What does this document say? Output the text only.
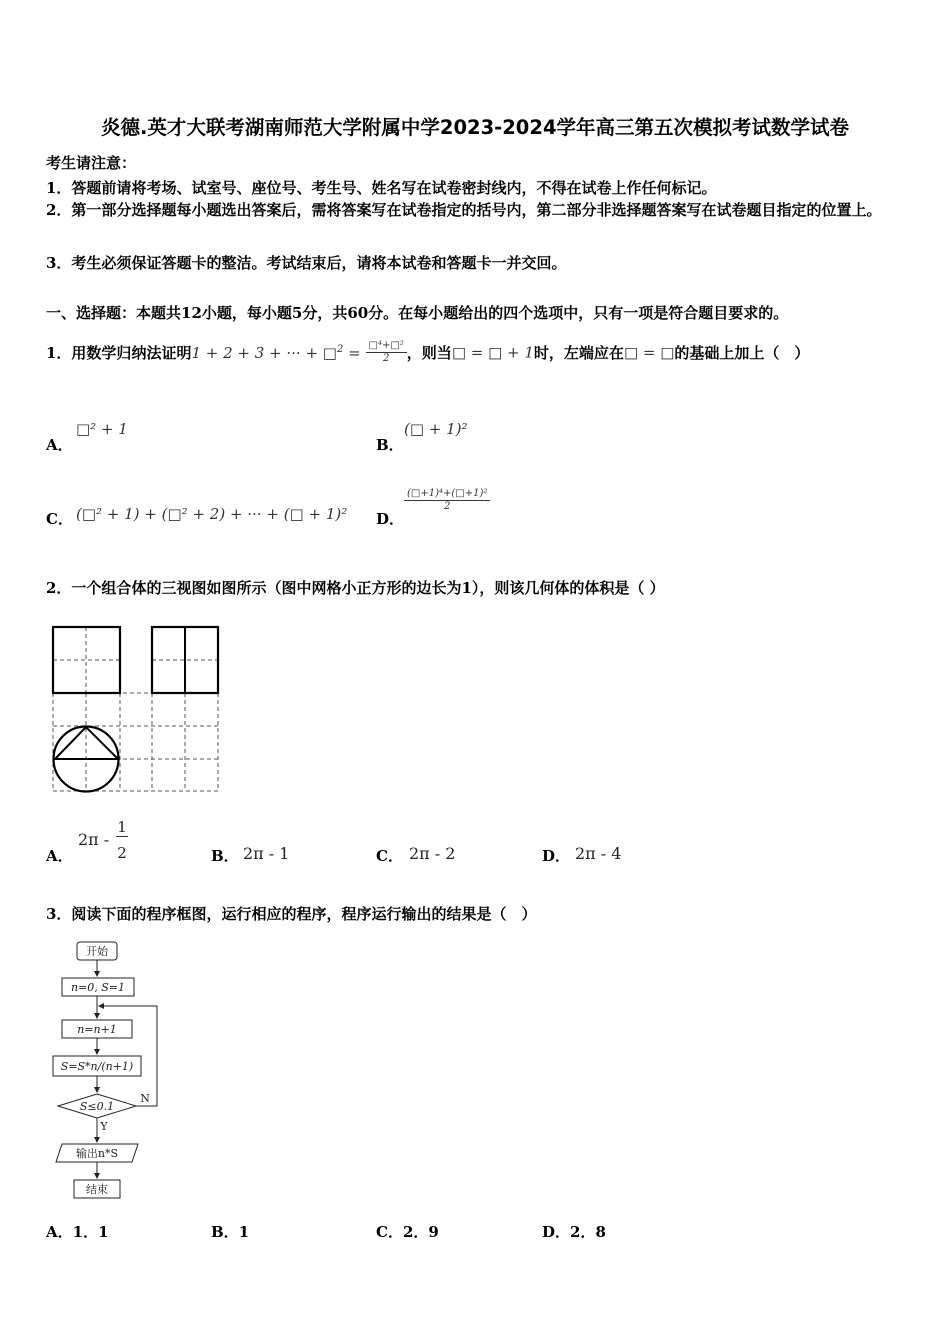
炎德.英才大联考湖南师范大学附属中学2023-2024学年高三第五次模拟考试数学试卷
考生请注意：
1．答题前请将考场、试室号、座位号、考生号、姓名写在试卷密封线内，不得在试卷上作任何标记。
2．第一部分选择题每小题选出答案后，需将答案写在试卷指定的括号内，第二部分非选择题答案写在试卷题目指定的位置上。
3．考生必须保证答题卡的整洁。考试结束后，请将本试卷和答题卡一并交回。
一、选择题：本题共12小题，每小题5分，共60分。在每小题给出的四个选项中，只有一项是符合题目要求的。
1．用数学归纳法证明1 + 2 + 3 + ··· + □$^2$ = $\frac{\text{□⁴+□²}}{2}$ ，则当□ = □ + 1时，左端应在□ = □的基础上加上（　）
A．
□² + 1
B．
(□ + 1)²
C． (□² + 1) + (□² + 2) + ··· + (□ + 1)² D．
$\frac{\text{(□+1)⁴+(□+1)²}}{2}$
2．一个组合体的三视图如图所示（图中网格小正方形的边长为1），则该几何体的体积是（ ）
A．
2π -
1
2	B． 2π - 1	C． 2π - 2	D． 2π - 4
3．阅读下面的程序框图，运行相应的程序，程序运行输出的结果是（　）
开始
n=0, S=1
n=n+1
S=S*n/(n+1)
S≤0.1
N
Y
输出n*S
结束
A．1．1	B．1	C．2．9	D．2．8
